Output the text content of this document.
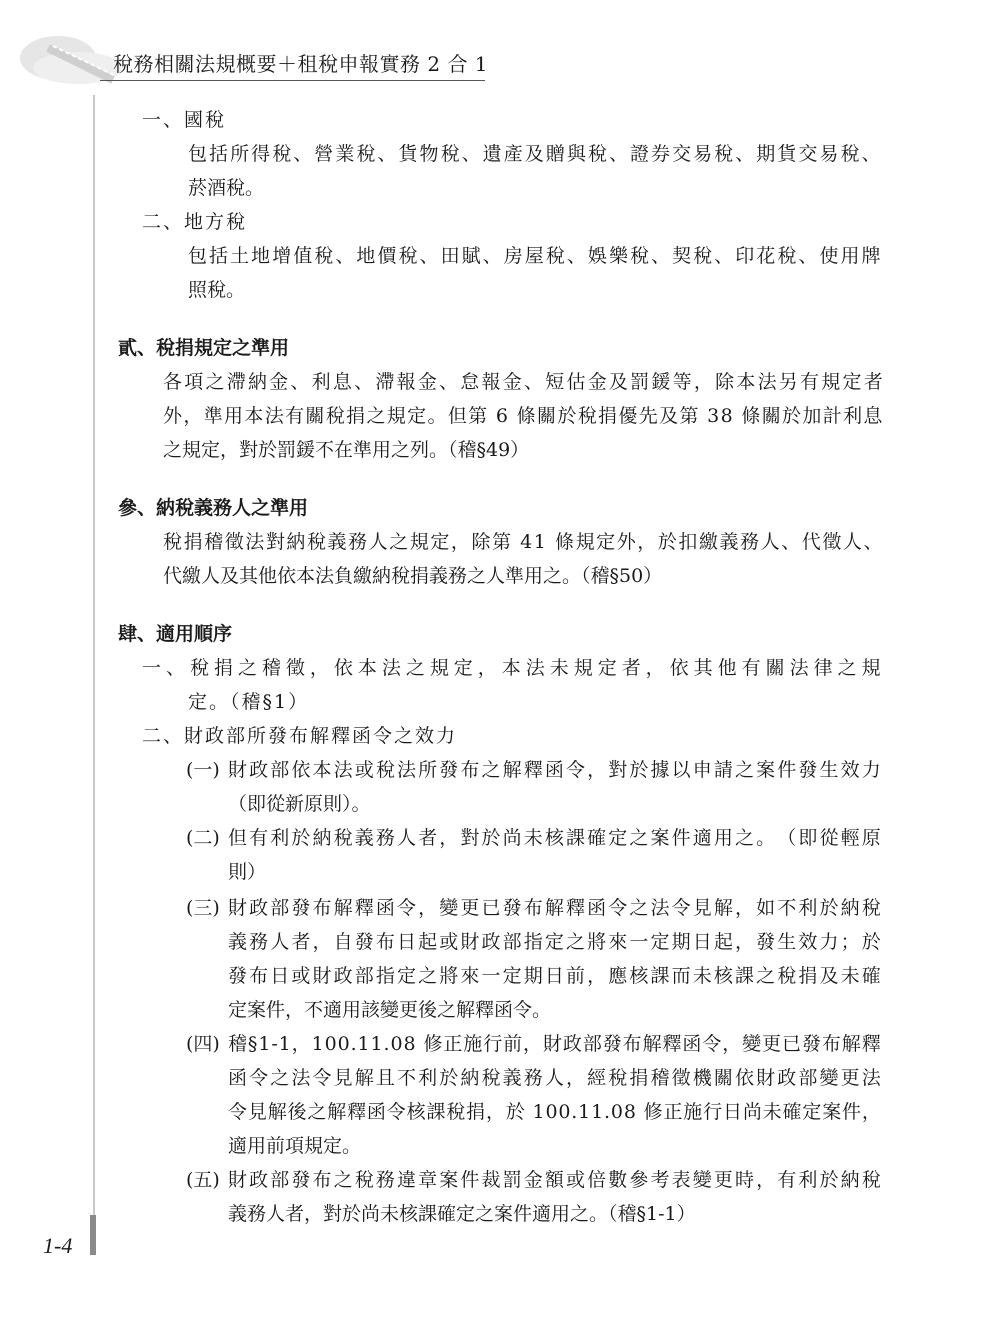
稅務相關法規概要＋租稅申報實務 2 合 1
1-4
一、國稅
包 括 所 得 稅 、 營 業 稅 、 貨 物 稅 、 遺 產 及 贈 與 稅 、 證 券 交 易 稅 、 期 貨 交 易 稅 、
菸酒稅。
二、地方稅
包 括 土 地 增 值 稅 、 地 價 稅 、 田 賦 、 房 屋 稅 、 娛 樂 稅 、 契 稅 、 印 花 稅 、 使 用 牌
照稅。
貳、稅捐規定之準用
各 項 之 滯 納 金 、 利 息 、 滯 報 金 、 怠 報 金 、 短 估 金 及 罰 鍰 等 ， 除 本 法 另 有 規 定 者
外 ， 準 用 本 法 有 關 稅 捐 之 規 定 。 但 第
6
條 關 於 稅 捐 優 先 及 第
3 8
條 關 於 加 計 利 息
之規定，對於罰鍰不在準用之列。（稽§49）
參、納稅義務人之準用
稅 捐 稽 徵 法 對 納 稅 義 務 人 之 規 定 ， 除 第
4 1
條 規 定 外 ， 於 扣 繳 義 務 人 、 代 徵 人 、
代繳人及其他依本法負繳納稅捐義務之人準用之。（稽§50）
肆、適用順序
一 、 稅 捐 之 稽 徵 ， 依 本 法 之 規 定 ， 本 法 未 規 定 者 ， 依 其 他 有 關 法 律 之 規
定。（稽§1）
二、財政部所發布解釋函令之效力
(一) 財 政 部 依 本 法 或 稅 法 所 發 布 之 解 釋 函 令 ， 對 於 據 以 申 請 之 案 件 發 生 效 力
（即從新原則）。
(二) 但 有 利 於 納 稅 義 務 人 者 ， 對 於 尚 未 核 課 確 定 之 案 件 適 用 之 。 （ 即 從 輕 原
則）
(三) 財 政 部 發 布 解 釋 函 令 ， 變 更 已 發 布 解 釋 函 令 之 法 令 見 解 ， 如 不 利 於 納 稅
義 務 人 者 ， 自 發 布 日 起 或 財 政 部 指 定 之 將 來 一 定 期 日 起 ， 發 生 效 力 ； 於
發 布 日 或 財 政 部 指 定 之 將 來 一 定 期 日 前 ， 應 核 課 而 未 核 課 之 稅 捐 及 未 確
定案件，不適用該變更後之解釋函令。
(四) 稽 § 1 - 1 ， 1 0 0 . 1 1 . 0 8
修 正 施 行 前 ， 財 政 部 發 布 解 釋 函 令 ， 變 更 已 發 布 解 釋
函 令 之 法 令 見 解 且 不 利 於 納 稅 義 務 人 ， 經 稅 捐 稽 徵 機 關 依 財 政 部 變 更 法
令 見 解 後 之 解 釋 函 令 核 課 稅 捐 ， 於
1 0 0 . 1 1 . 0 8
修 正 施 行 日 尚 未 確 定 案 件 ，
適用前項規定。
(五) 財 政 部 發 布 之 稅 務 違 章 案 件 裁 罰 金 額 或 倍 數 參 考 表 變 更 時 ， 有 利 於 納 稅
義務人者，對於尚未核課確定之案件適用之。（稽§1-1）
